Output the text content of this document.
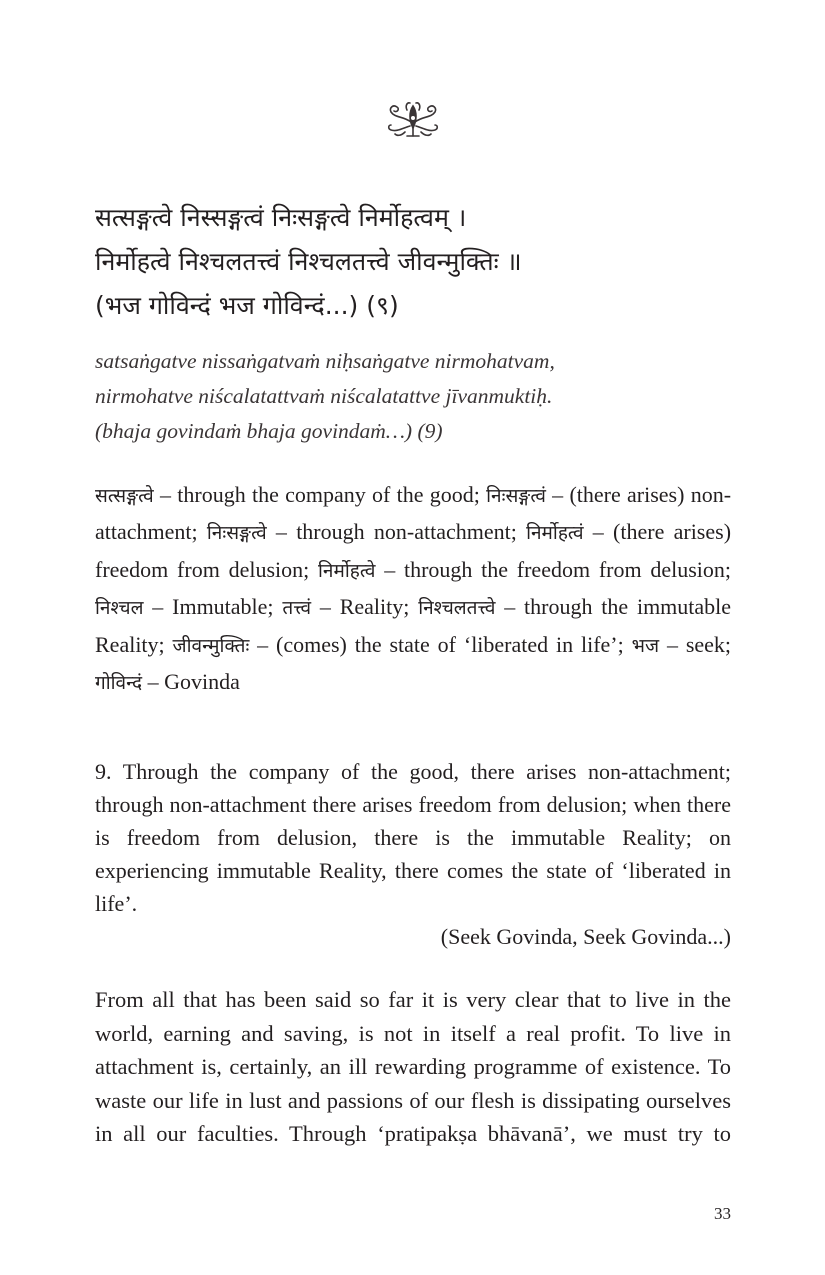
सत्सङ्गत्वे निस्सङ्गत्वं निःसङ्गत्वे निर्मोहत्वम् ।
निर्मोहत्वे निश्चलतत्त्वं निश्चलतत्त्वे जीवन्मुक्तिः ॥
(भज गोविन्दं भज गोविन्दं...) (९)
satsaṅgatve nissaṅgatvaṁ niḥsaṅgatve nirmohatvam,
nirmohatve niścalatattvaṁ niścalatattve jīvanmuktiḥ.
(bhaja govindaṁ bhaja govindaṁ…) (9)
सत्सङ्गत्वे – through the company of the good; निःसङ्गत्वं – (there arises) non-attachment; निःसङ्गत्वे – through non-attachment; निर्मोहत्वं – (there arises) freedom from delusion; निर्मोहत्वे – through the freedom from delusion; निश्चल – Immutable; तत्त्वं – Reality; निश्चलतत्त्वे – through the immutable Reality; जीवन्मुक्तिः – (comes) the state of ‘liberated in life’; भज – seek; गोविन्दं – Govinda
9. Through the company of the good, there arises non-attachment; through non-attachment there arises freedom from delusion; when there is freedom from delusion, there is the immutable Reality; on experiencing immutable Reality, there comes the state of ‘liberated in life’.
(Seek Govinda, Seek Govinda...)
From all that has been said so far it is very clear that to live in the world, earning and saving, is not in itself a real profit. To live in attachment is, certainly, an ill rewarding programme of existence. To waste our life in lust and passions of our flesh is dissipating ourselves in all our faculties. Through ‘pratipakṣa bhāvanā’, we must try to
33
